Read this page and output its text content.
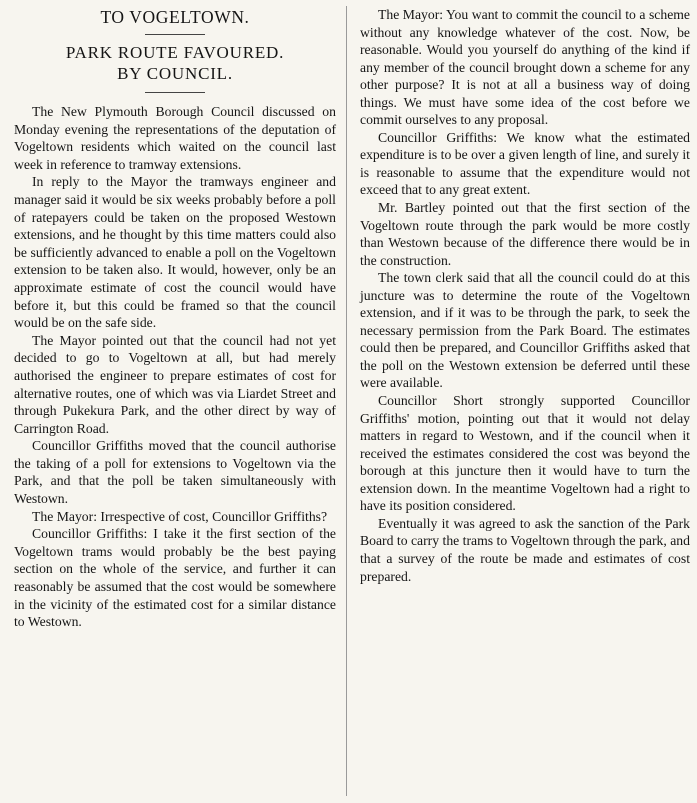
TO VOGELTOWN.
PARK ROUTE FAVOURED.
BY COUNCIL.

The New Plymouth Borough Council discussed on Monday evening the representations of the deputation of Vogeltown residents which waited on the council last week in reference to tramway extensions.

In reply to the Mayor the tramways engineer and manager said it would be six weeks probably before a poll of ratepayers could be taken on the proposed Westown extensions, and he thought by this time matters could also be sufficiently advanced to enable a poll on the Vogeltown extension to be taken also. It would, however, only be an approximate estimate of cost the council would have before it, but this could be framed so that the council would be on the safe side.

The Mayor pointed out that the council had not yet decided to go to Vogeltown at all, but had merely authorised the engineer to prepare estimates of cost for alternative routes, one of which was via Liardet Street and through Pukekura Park, and the other direct by way of Carrington Road.

Councillor Griffiths moved that the council authorise the taking of a poll for extensions to Vogeltown via the Park, and that the poll be taken simultaneously with Westown.

The Mayor: Irrespective of cost, Councillor Griffiths?

Councillor Griffiths: I take it the first section of the Vogeltown trams would probably be the best paying section on the whole of the service, and further it can reasonably be assumed that the cost would be somewhere in the vicinity of the estimated cost for a similar distance to Westown.

The Mayor: You want to commit the council to a scheme without any knowledge whatever of the cost. Now, be reasonable. Would you yourself do anything of the kind if any member of the council brought down a scheme for any other purpose? It is not at all a business way of doing things. We must have some idea of the cost before we commit ourselves to any proposal.

Councillor Griffiths: We know what the estimated expenditure is to be over a given length of line, and surely it is reasonable to assume that the expenditure would not exceed that to any great extent.

Mr. Bartley pointed out that the first section of the Vogeltown route through the park would be more costly than Westown because of the difference there would be in the construction.

The town clerk said that all the council could do at this juncture was to determine the route of the Vogeltown extension, and if it was to be through the park, to seek the necessary permission from the Park Board. The estimates could then be prepared, and Councillor Griffiths asked that the poll on the Westown extension be deferred until these were available.

Councillor Short strongly supported Councillor Griffiths' motion, pointing out that it would not delay matters in regard to Westown, and if the council when it received the estimates considered the cost was beyond the borough at this juncture then it would have to turn the extension down. In the meantime Vogeltown had a right to have its position considered.

Eventually it was agreed to ask the sanction of the Park Board to carry the trams to Vogeltown through the park, and that a survey of the route be made and estimates of cost prepared.
